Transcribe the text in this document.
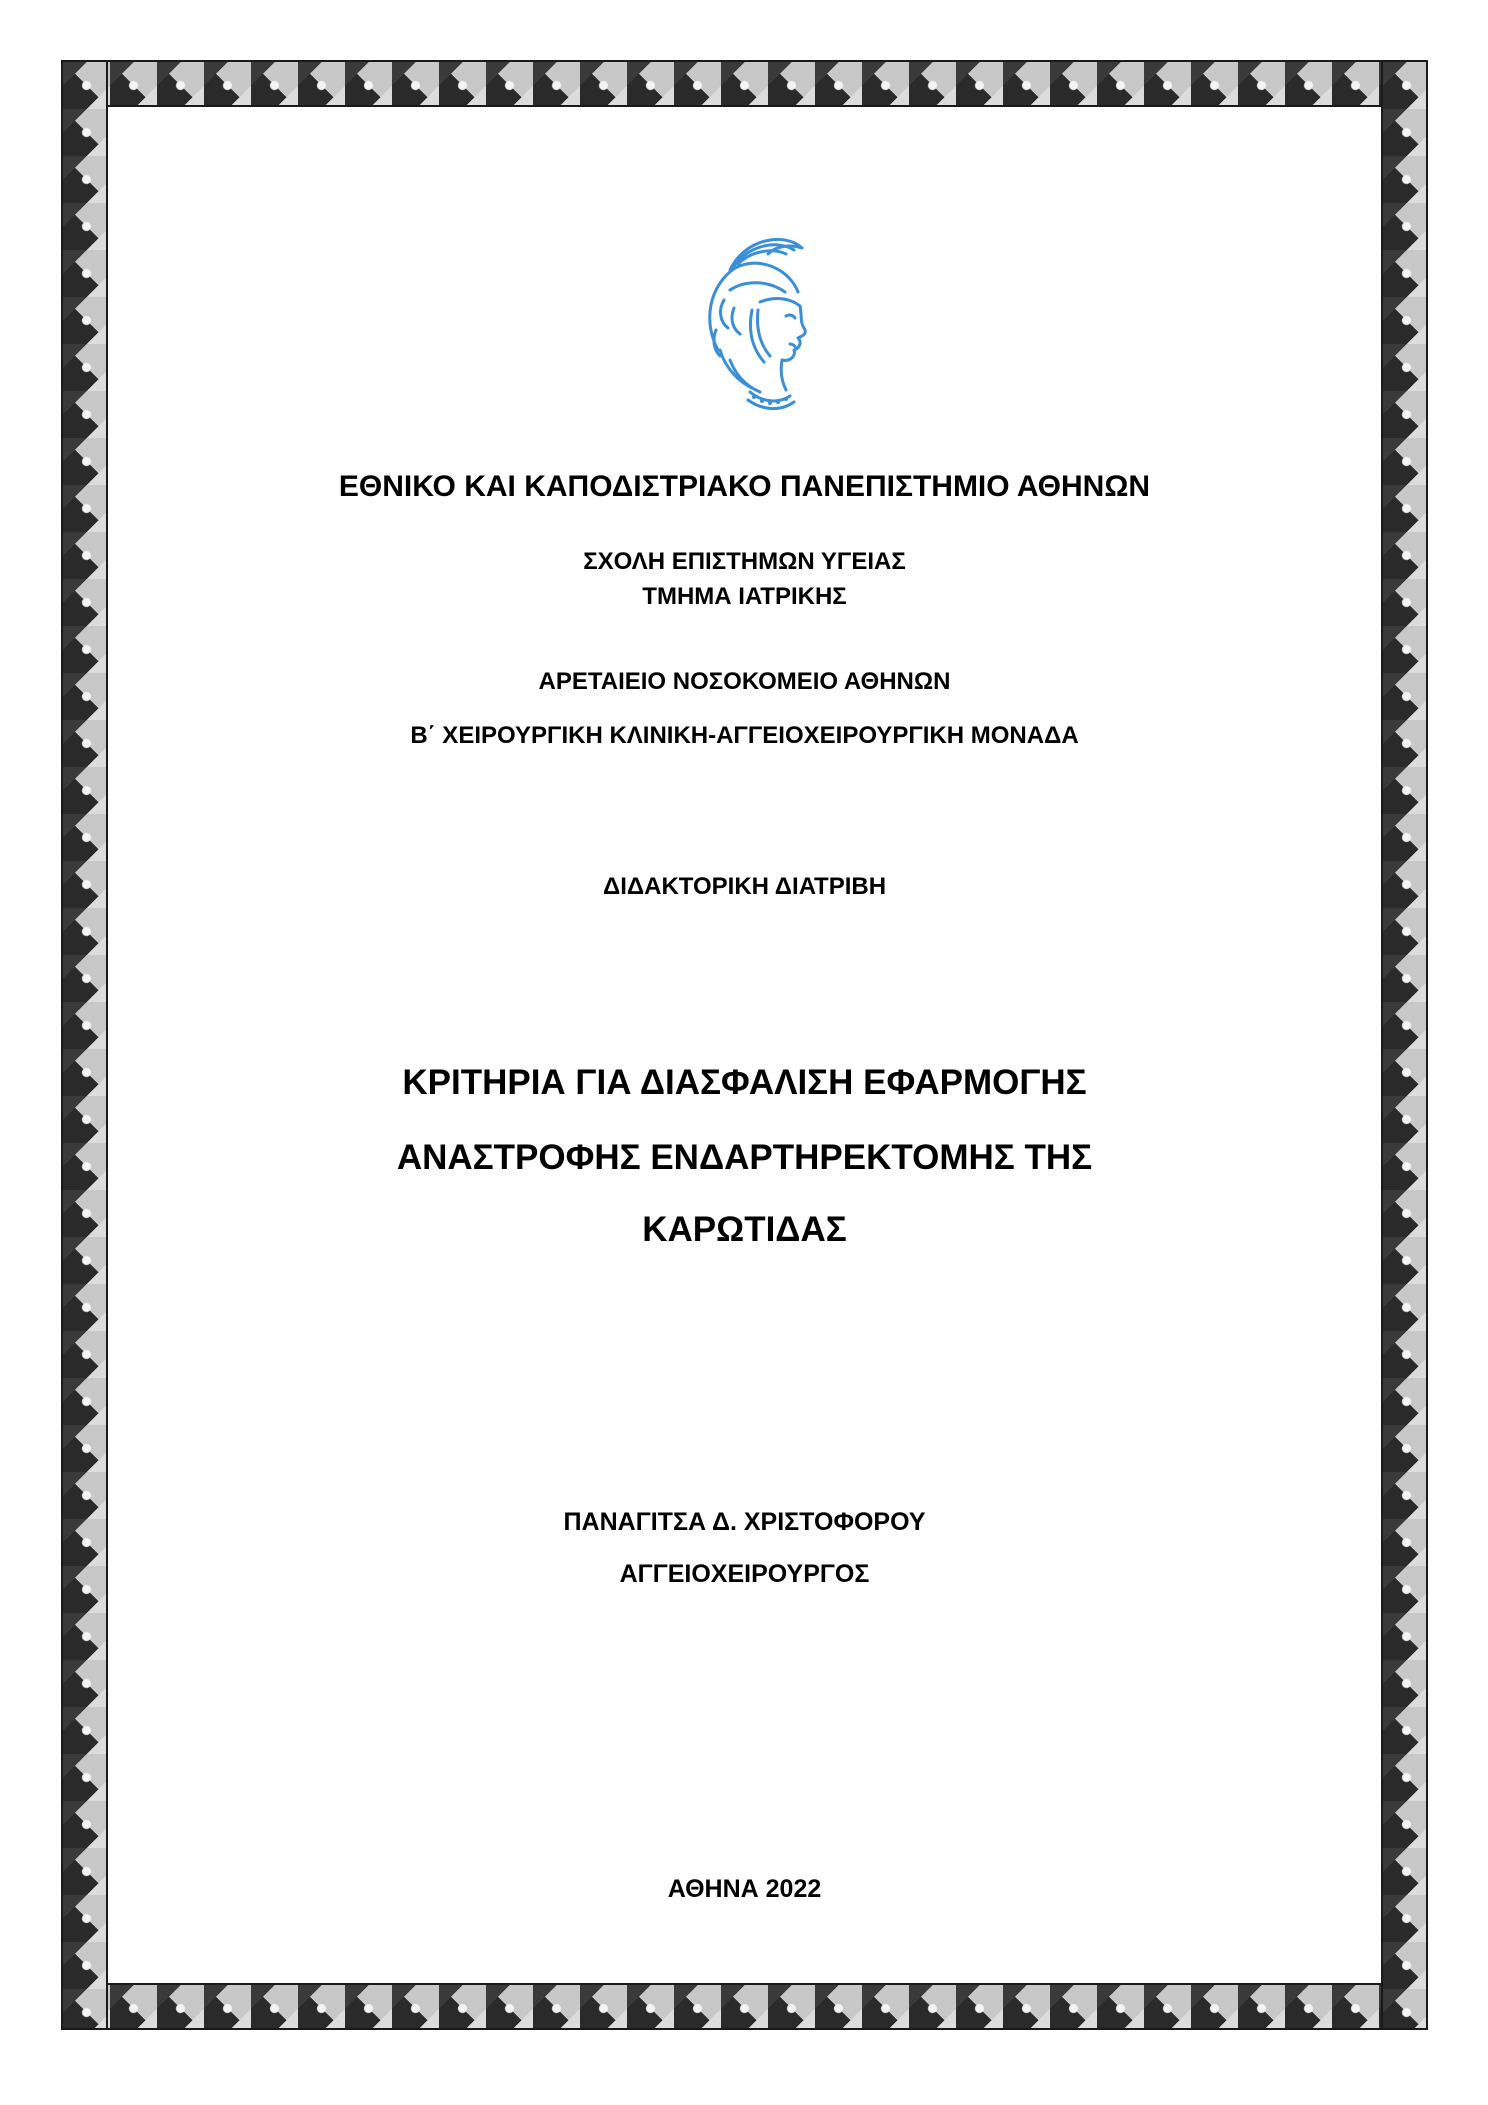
ΕΘΝΙΚΟ ΚΑΙ ΚΑΠΟΔΙΣΤΡΙΑΚΟ ΠΑΝΕΠΙΣΤΗΜΙΟ ΑΘΗΝΩΝ
ΣΧΟΛΗ ΕΠΙΣΤΗΜΩΝ ΥΓΕΙΑΣ
ΤΜΗΜΑ ΙΑΤΡΙΚΗΣ
ΑΡΕΤΑΙΕΙΟ ΝΟΣΟΚΟΜΕΙΟ ΑΘΗΝΩΝ
Β΄ ΧΕΙΡΟΥΡΓΙΚΗ ΚΛΙΝΙΚΗ-ΑΓΓΕΙΟΧΕΙΡΟΥΡΓΙΚΗ ΜΟΝΑΔΑ
ΔΙΔΑΚΤΟΡΙΚΗ ΔΙΑΤΡΙΒΗ
ΚΡΙΤΗΡΙΑ ΓΙΑ ΔΙΑΣΦΑΛΙΣΗ ΕΦΑΡΜΟΓΗΣ
ΑΝΑΣΤΡΟΦΗΣ ΕΝΔΑΡΤΗΡΕΚΤΟΜΗΣ ΤΗΣ
ΚΑΡΩΤΙΔΑΣ
ΠΑΝΑΓΙΤΣΑ Δ. ΧΡΙΣΤΟΦΟΡΟΥ
ΑΓΓΕΙΟΧΕΙΡΟΥΡΓΟΣ
ΑΘΗΝΑ 2022
